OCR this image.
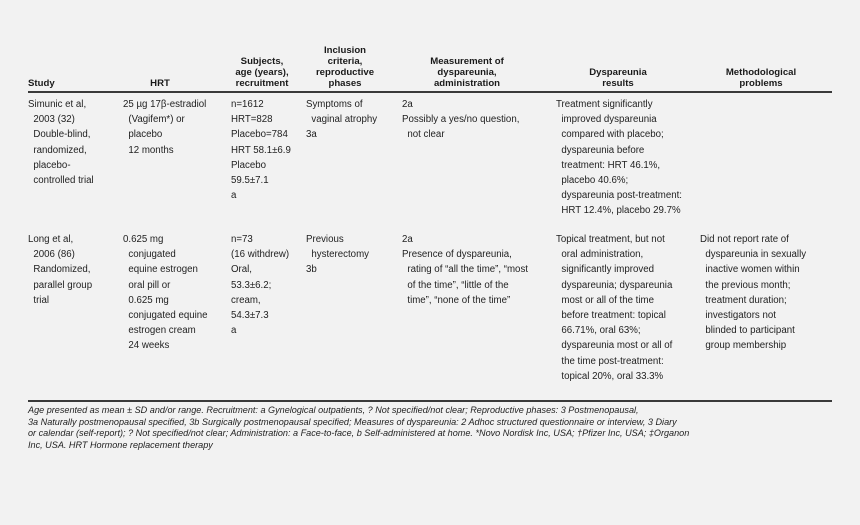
Study	HRT
Subjects,
age (years),
recruitment
Inclusion
criteria,
reproductive
phases
Measurement of
dyspareunia,
administration
Dyspareunia
results
Methodological
problems
Simunic et al,
2003 (32)
Double-blind,
randomized,
placebo-
controlled trial
25 µg 17β-estradiol
(Vagifem*) or
placebo
12 months
n=1612
HRT=828
Placebo=784
HRT 58.1±6.9
Placebo
59.5±7.1
a
Symptoms of
vaginal atrophy
3a
2a
Possibly a yes/no question,
not clear
Treatment significantly
improved dyspareunia
compared with placebo;
dyspareunia before
treatment: HRT 46.1%,
placebo 40.6%;
dyspareunia post-treatment:
HRT 12.4%, placebo 29.7%
Long et al,
2006 (86)
Randomized,
parallel group
trial
0.625 mg
conjugated
equine estrogen
oral pill or
0.625 mg
conjugated equine
estrogen cream
24 weeks
n=73
(16 withdrew)
Oral,
53.3±6.2;
cream,
54.3±7.3
a
Previous
hysterectomy
3b
2a
Presence of dyspareunia,
rating of “all the time”, “most
of the time”, “little of the
time”, “none of the time”
Topical treatment, but not
oral administration,
significantly improved
dyspareunia; dyspareunia
most or all of the time
before treatment: topical
66.71%, oral 63%;
dyspareunia most or all of
the time post-treatment:
topical 20%, oral 33.3%
Did not report rate of
dyspareunia in sexually
inactive women within
the previous month;
treatment duration;
investigators not
blinded to participant
group membership
Age presented as mean ± SD and/or range. Recruitment: a Gynelogical outpatients, ? Not specified/not clear; Reproductive phases: 3 Postmenopausal,
3a Naturally postmenopausal specified, 3b Surgically postmenopausal specified; Measures of dyspareunia: 2 Adhoc structured questionnaire or interview, 3 Diary
or calendar (self-report); ? Not specified/not clear; Administration: a Face-to-face, b Self-administered at home. *Novo Nordisk Inc, USA; †Pfizer Inc, USA; ‡Organon
Inc, USA. HRT Hormone replacement therapy
